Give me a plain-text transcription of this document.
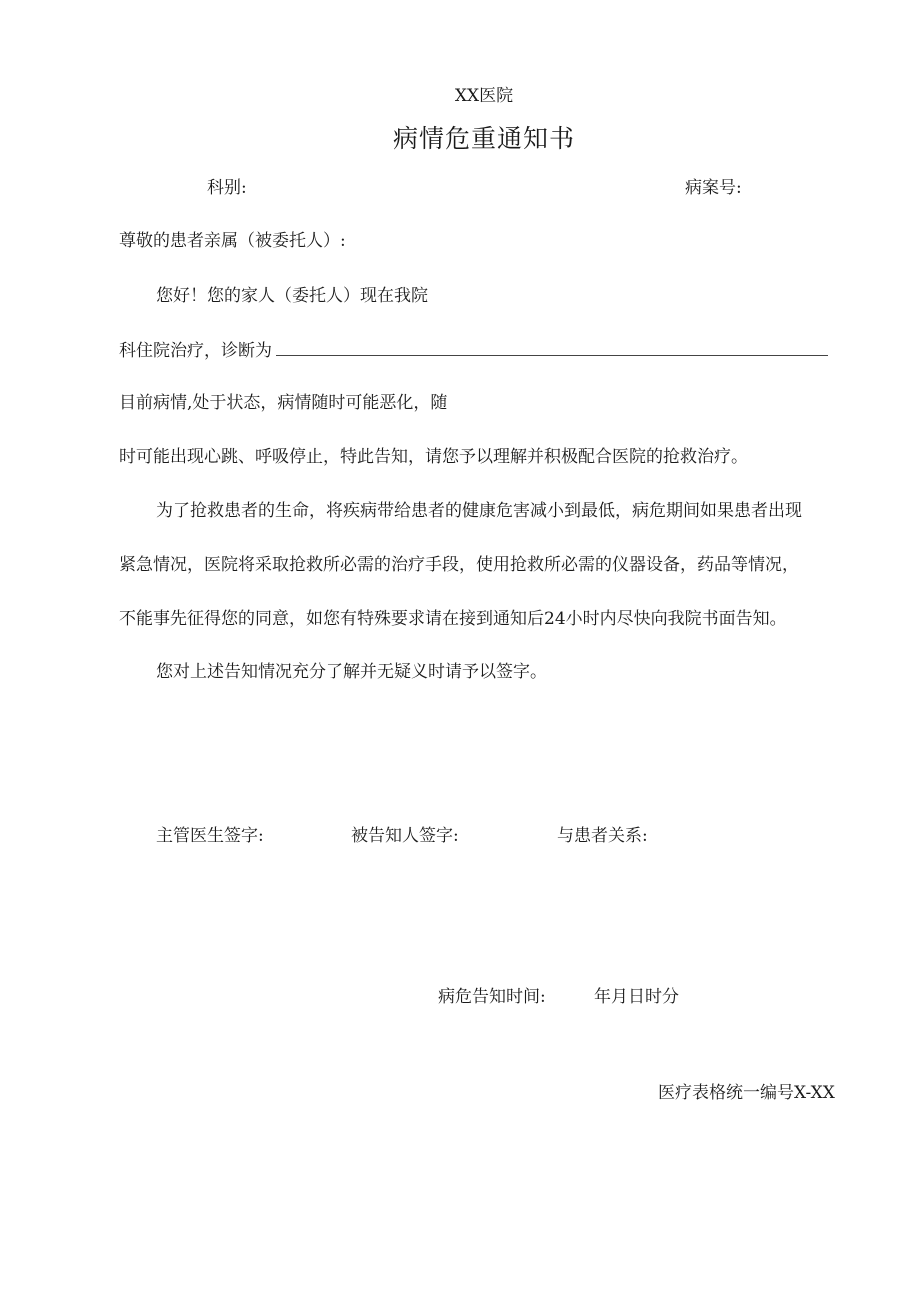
XX医院
病情危重通知书
科别:	病案号:
尊敬的患者亲属（被委托人）:
您好！您的家人（委托人）现在我院
科住院治疗，诊断为
目前病情,处于状态，病情随时可能恶化，随
时可能出现心跳、呼吸停止，特此告知，请您予以理解并积极配合医院的抢救治疗。
为了抢救患者的生命，将疾病带给患者的健康危害减小到最低，病危期间如果患者出现
紧急情况，医院将采取抢救所必需的治疗手段，使用抢救所必需的仪器设备，药品等情况，
不能事先征得您的同意，如您有特殊要求请在接到通知后24小时内尽快向我院书面告知。
您对上述告知情况充分了解并无疑义时请予以签字。
主管医生签字:	被告知人签字:	与患者关系:
病危告知时间:	年月日时分
医疗表格统一编号X-XX
